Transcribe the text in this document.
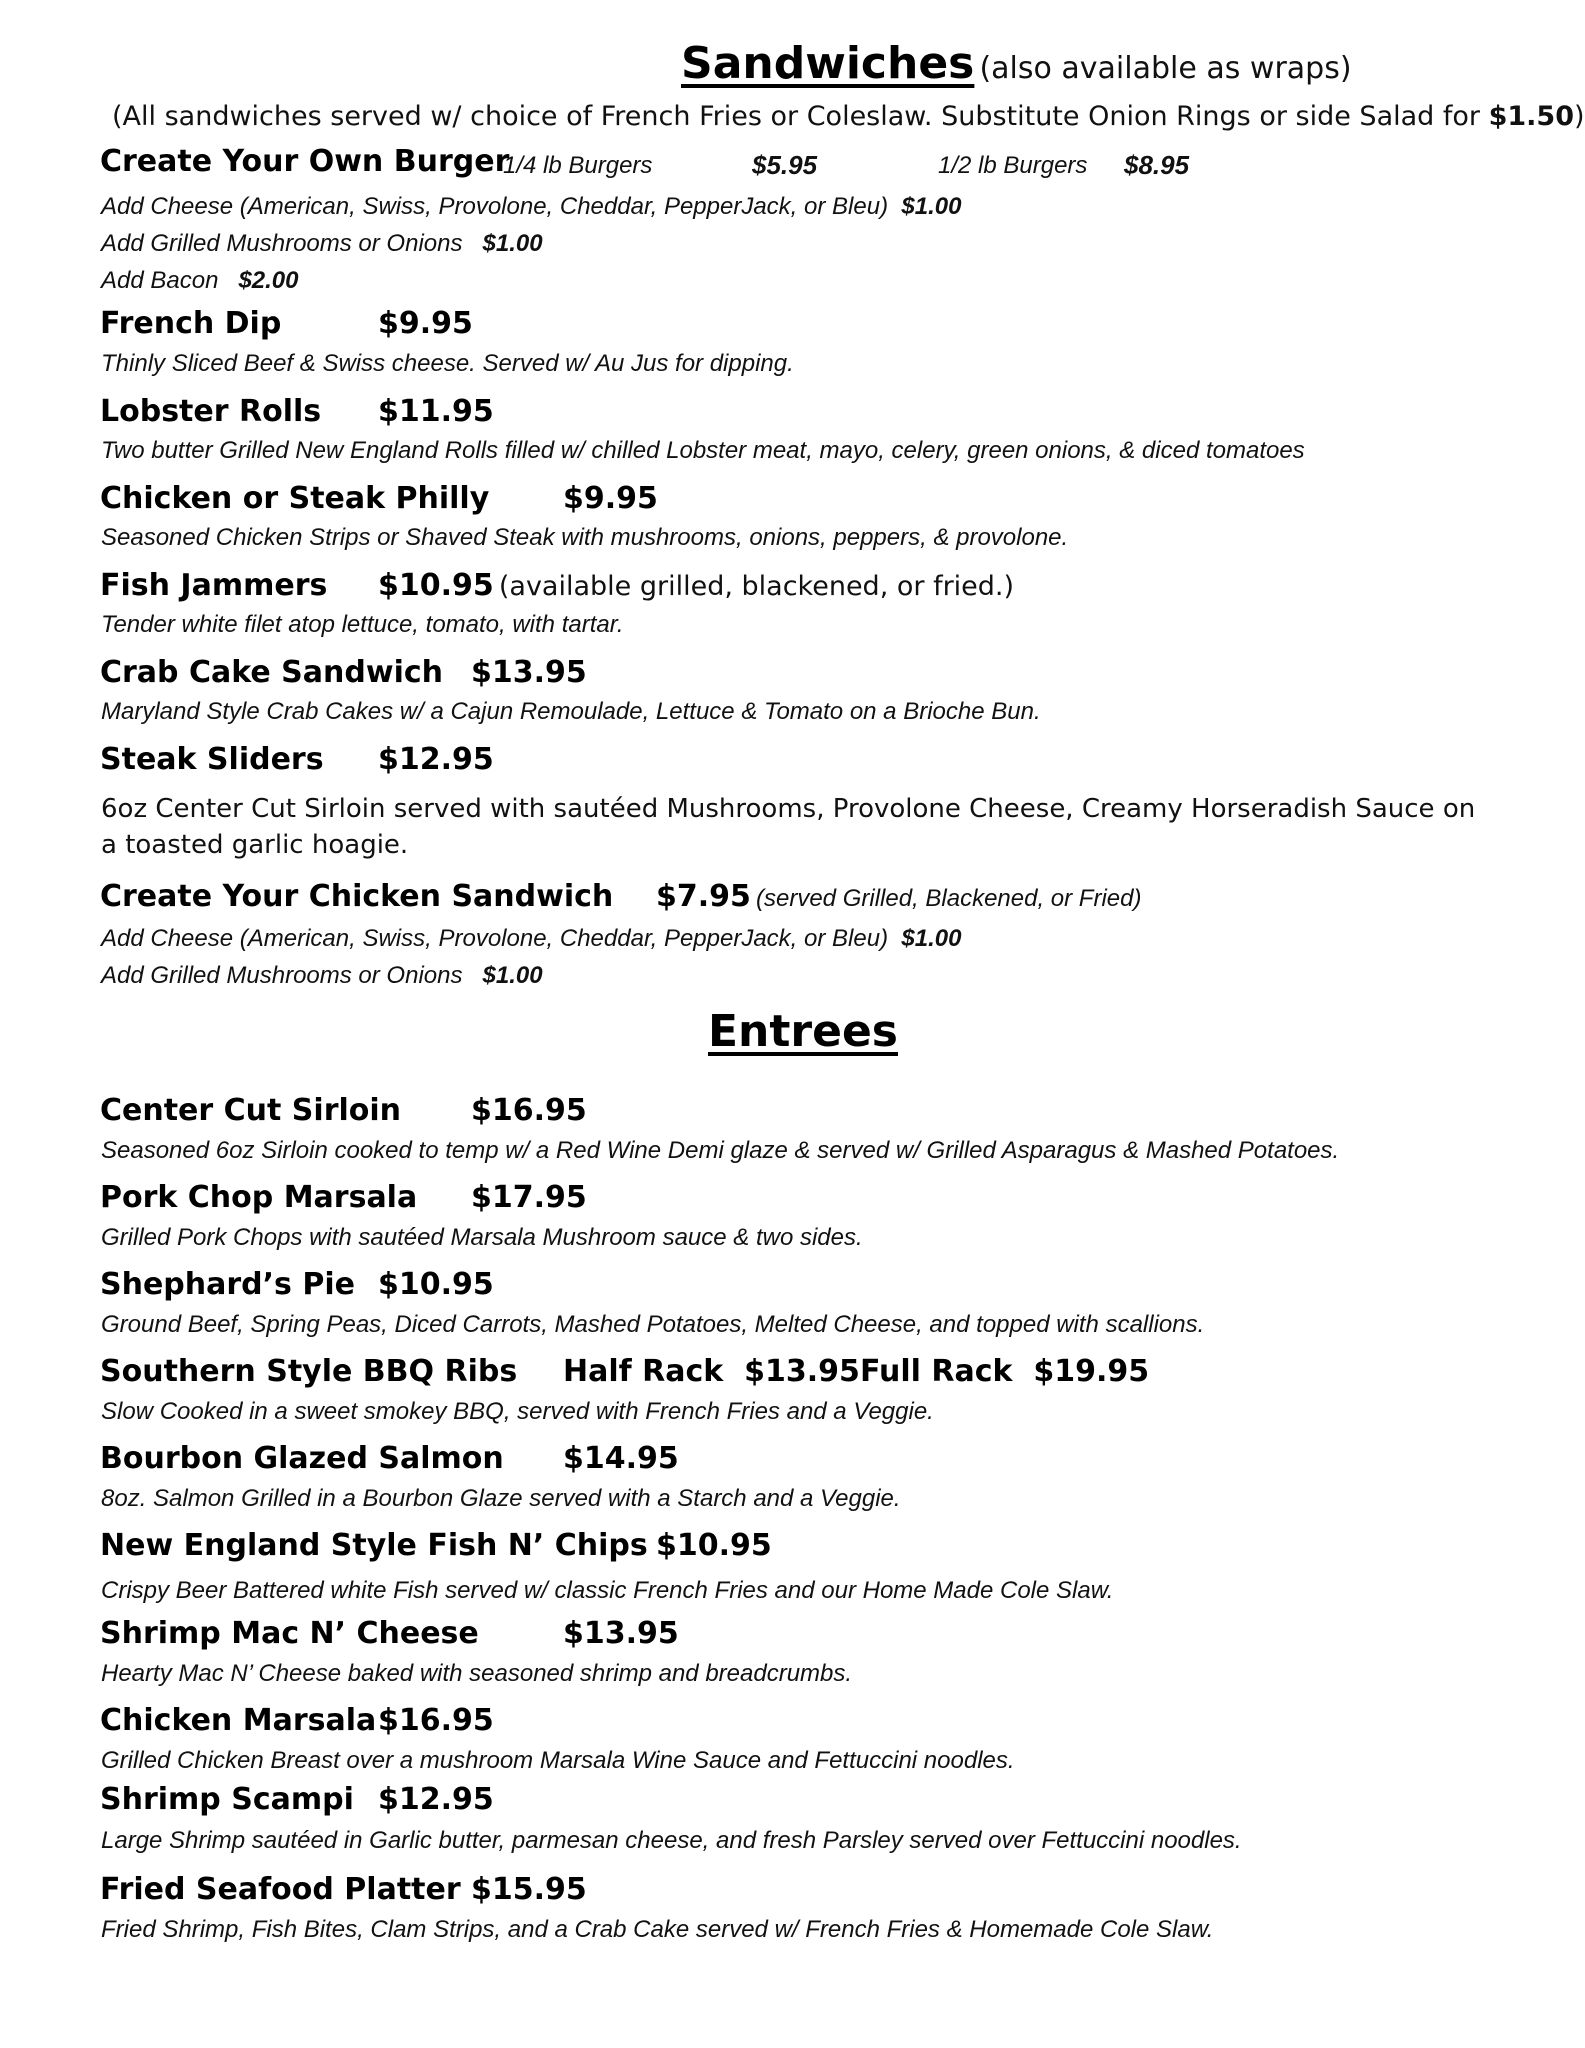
Sandwiches (also available as wraps)
(All sandwiches served w/ choice of French Fries or Coleslaw. Substitute Onion Rings or side Salad for $1.50)
Create Your Own Burger
1/4 lb Burgers	$5.95	1/2 lb Burgers $8.95
Add Cheese (American, Swiss, Provolone, Cheddar, PepperJack, or Bleu) $1.00
Add Grilled Mushrooms or Onions $1.00
Add Bacon $2.00
French Dip	$9.95
Thinly Sliced Beef & Swiss cheese. Served w/ Au Jus for dipping.
Lobster Rolls $11.95
Two butter Grilled New England Rolls filled w/ chilled Lobster meat, mayo, celery, green onions, & diced tomatoes
Chicken or Steak Philly $9.95
Seasoned Chicken Strips or Shaved Steak with mushrooms, onions, peppers, & provolone.
Fish Jammers $10.95 (available grilled, blackened, or fried.)
Tender white filet atop lettuce, tomato, with tartar.
Crab Cake Sandwich $13.95
Maryland Style Crab Cakes w/ a Cajun Remoulade, Lettuce & Tomato on a Brioche Bun.
Steak Sliders $12.95
6oz Center Cut Sirloin served with sautéed Mushrooms, Provolone Cheese, Creamy Horseradish Sauce on a toasted garlic hoagie.
Create Your Chicken Sandwich $7.95 (served Grilled, Blackened, or Fried)
Add Cheese (American, Swiss, Provolone, Cheddar, PepperJack, or Bleu) $1.00
Add Grilled Mushrooms or Onions $1.00
Entrees
Center Cut Sirloin $16.95
Seasoned 6oz Sirloin cooked to temp w/ a Red Wine Demi glaze & served w/ Grilled Asparagus & Mashed Potatoes.
Pork Chop Marsala $17.95
Grilled Pork Chops with sautéed Marsala Mushroom sauce & two sides.
Shephard’s Pie $10.95
Ground Beef, Spring Peas, Diced Carrots, Mashed Potatoes, Melted Cheese, and topped with scallions.
Southern Style BBQ Ribs Half Rack  $13.95 Full Rack  $19.95
Slow Cooked in a sweet smokey BBQ, served with French Fries and a Veggie.
Bourbon Glazed Salmon $14.95
8oz. Salmon Grilled in a Bourbon Glaze served with a Starch and a Veggie.
New England Style Fish N’ Chips $10.95
Crispy Beer Battered white Fish served w/ classic French Fries and our Home Made Cole Slaw.
Shrimp Mac N’ Cheese	$13.95
Hearty Mac N’ Cheese baked with seasoned shrimp and breadcrumbs.
Chicken Marsala $16.95
Grilled Chicken Breast over a mushroom Marsala Wine Sauce and Fettuccini noodles.
Shrimp Scampi $12.95
Large Shrimp sautéed in Garlic butter, parmesan cheese, and fresh Parsley served over Fettuccini noodles.
Fried Seafood Platter $15.95
Fried Shrimp, Fish Bites, Clam Strips, and a Crab Cake served w/ French Fries & Homemade Cole Slaw.
